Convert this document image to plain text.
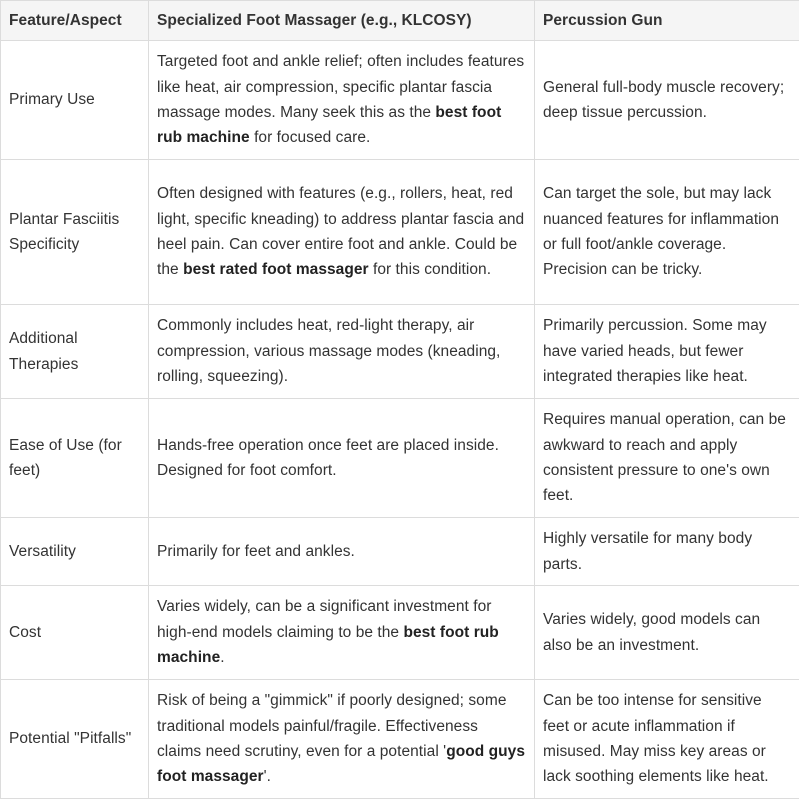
Feature/Aspect	Specialized Foot Massager (e.g., KLCOSY)	Percussion Gun
Primary Use	Targeted foot and ankle relief; often includes features like heat, air compression, specific plantar fascia massage modes. Many seek this as the best foot rub machine for focused care.	General full-body muscle recovery; deep tissue percussion.
Plantar Fasciitis Specificity	Often designed with features (e.g., rollers, heat, red light, specific kneading) to address plantar fascia and heel pain. Can cover entire foot and ankle. Could be the best rated foot massager for this condition.	Can target the sole, but may lack nuanced features for inflammation or full foot/ankle coverage. Precision can be tricky.
Additional Therapies	Commonly includes heat, red-light therapy, air compression, various massage modes (kneading, rolling, squeezing).	Primarily percussion. Some may have varied heads, but fewer integrated therapies like heat.
Ease of Use (for feet)	Hands-free operation once feet are placed inside. Designed for foot comfort.	Requires manual operation, can be awkward to reach and apply consistent pressure to one's own feet.
Versatility	Primarily for feet and ankles.	Highly versatile for many body parts.
Cost	Varies widely, can be a significant investment for high-end models claiming to be the best foot rub machine.	Varies widely, good models can also be an investment.
Potential "Pitfalls"	Risk of being a "gimmick" if poorly designed; some traditional models painful/fragile. Effectiveness claims need scrutiny, even for a potential 'good guys foot massager'.	Can be too intense for sensitive feet or acute inflammation if misused. May miss key areas or lack soothing elements like heat.
